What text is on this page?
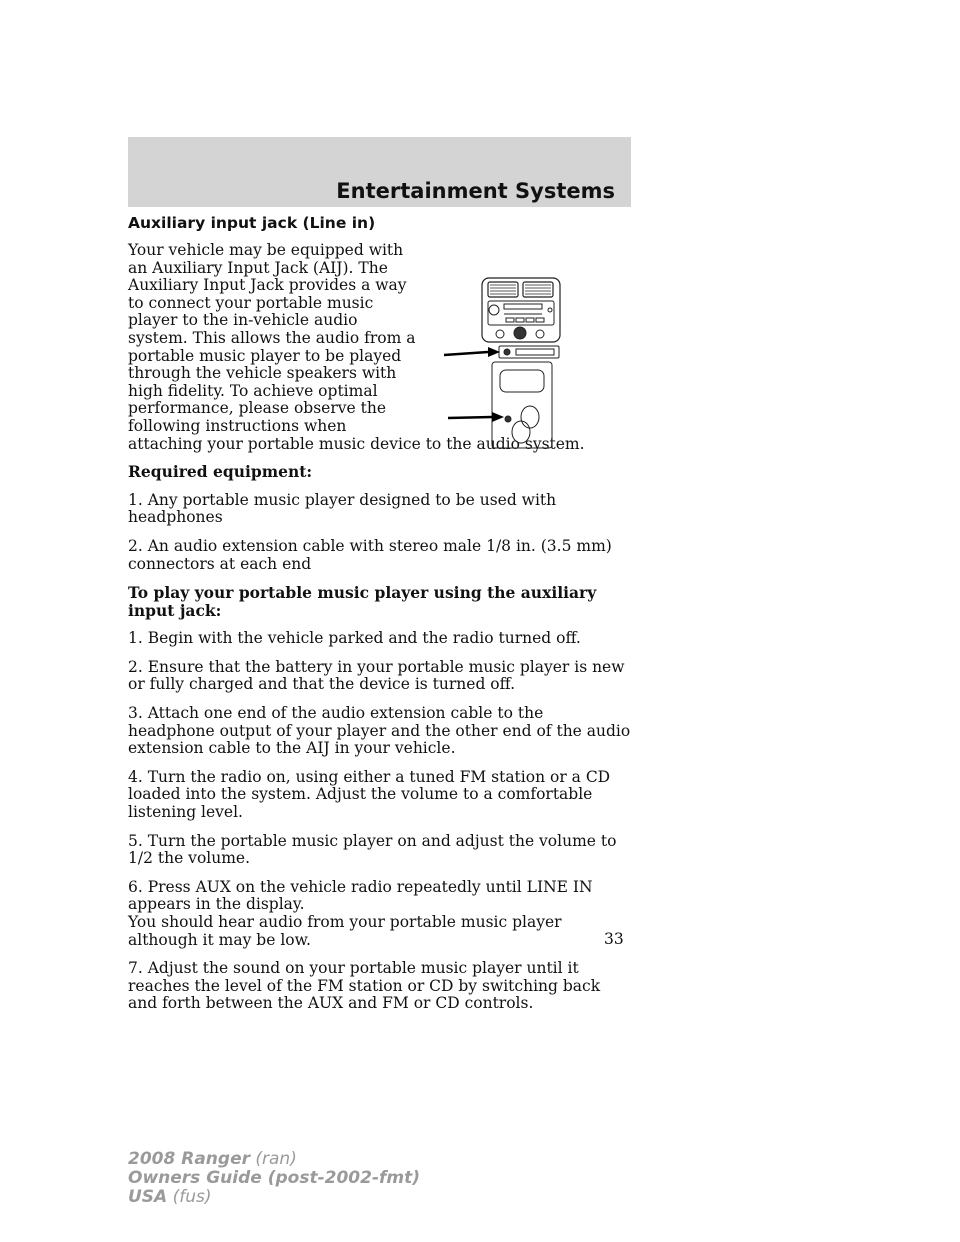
Entertainment Systems
Auxiliary input jack (Line in)

Your vehicle may be equipped with
an Auxiliary Input Jack (AIJ). The
Auxiliary Input Jack provides a way
to connect your portable music
player to the in-vehicle audio
system. This allows the audio from a
portable music player to be played
through the vehicle speakers with
high fidelity. To achieve optimal
performance, please observe the
following instructions when
attaching your portable music device to the audio system.

Required equipment:

1. Any portable music player designed to be used with headphones

2. An audio extension cable with stereo male 1/8 in. (3.5 mm) connectors at each end

To play your portable music player using the auxiliary input jack:

1. Begin with the vehicle parked and the radio turned off.

2. Ensure that the battery in your portable music player is new or fully charged and that the device is turned off.

3. Attach one end of the audio extension cable to the headphone output of your player and the other end of the audio extension cable to the AIJ in your vehicle.

4. Turn the radio on, using either a tuned FM station or a CD loaded into the system. Adjust the volume to a comfortable listening level.

5. Turn the portable music player on and adjust the volume to 1/2 the volume.

6. Press AUX on the vehicle radio repeatedly until LINE IN appears in the display.

You should hear audio from your portable music player although it may be low.

7. Adjust the sound on your portable music player until it reaches the level of the FM station or CD by switching back and forth between the AUX and FM or CD controls.

33

2008 Ranger (ran)
Owners Guide (post-2002-fmt)
USA (fus)
